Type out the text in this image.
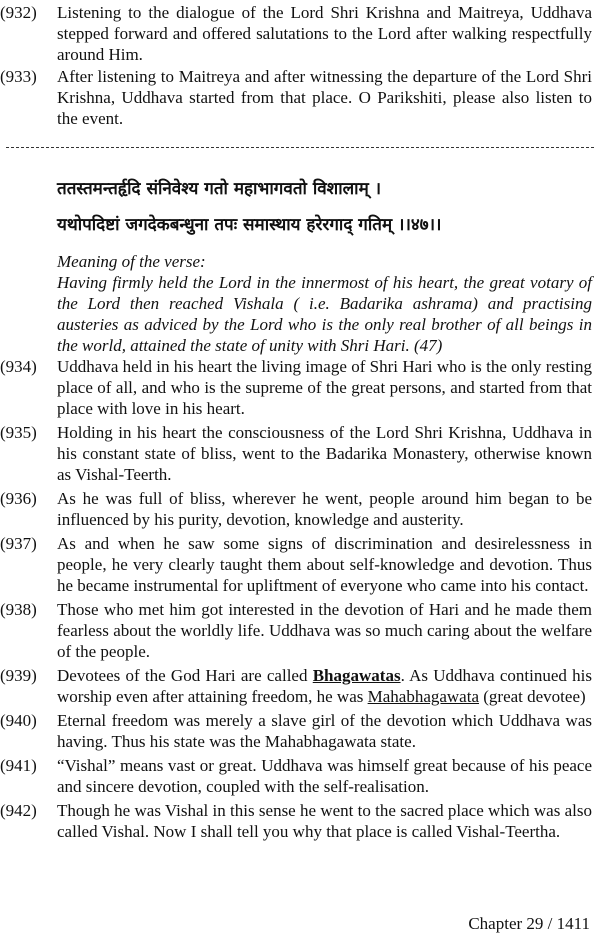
(932)	Listening to the dialogue of the Lord Shri Krishna and Maitreya, Uddhava stepped forward and offered salutations to the Lord after walking respectfully around Him.

(933)	After listening to Maitreya and after witnessing the departure of the Lord Shri Krishna, Uddhava started from that place. O Parikshiti, please also listen to the event.

ततस्तमन्तर्हृदि संनिवेश्य गतो महाभागवतो विशालाम् ।
यथोपदिष्टां जगदेकबन्धुना तपः समास्थाय हरेरगाद् गतिम् ।।४७।।
Meaning of the verse:
Having firmly held the Lord in the innermost of his heart, the great votary of the Lord then reached Vishala ( i.e. Badarika ashrama) and practising austeries as adviced by the Lord who is the only real brother of all beings in the world, attained the state of unity with Shri Hari. (47)

(934)	Uddhava held in his heart the living image of Shri Hari who is the only resting place of all, and who is the supreme of the great persons, and started from that place with love in his heart.

(935)	Holding in his heart the consciousness of the Lord Shri Krishna, Uddhava in his constant state of bliss, went to the Badarika Monastery, otherwise known as Vishal-Teerth.

(936)	As he was full of bliss, wherever he went, people around him began to be influenced by his purity, devotion, knowledge and austerity.

(937)	As and when he saw some signs of discrimination and desirelessness in people, he very clearly taught them about self-knowledge and devotion. Thus he became instrumental for upliftment of everyone who came into his contact.

(938)	Those who met him got interested in the devotion of Hari and he made them fearless about the worldly life. Uddhava was so much caring about the welfare of the people.

(939)	Devotees of the God Hari are called Bhagawatas. As Uddhava continued his worship even after attaining freedom, he was Mahabhagawata (great devotee)

(940)	Eternal freedom was merely a slave girl of the devotion which Uddhava was having. Thus his state was the Mahabhagawata state.

(941)	“Vishal” means vast or great. Uddhava was himself great because of his peace and sincere devotion, coupled with the self-realisation.

(942)	Though he was Vishal in this sense he went to the sacred place which was also called Vishal. Now I shall tell you why that place is called Vishal-Teertha.

Chapter 29 / 1411
